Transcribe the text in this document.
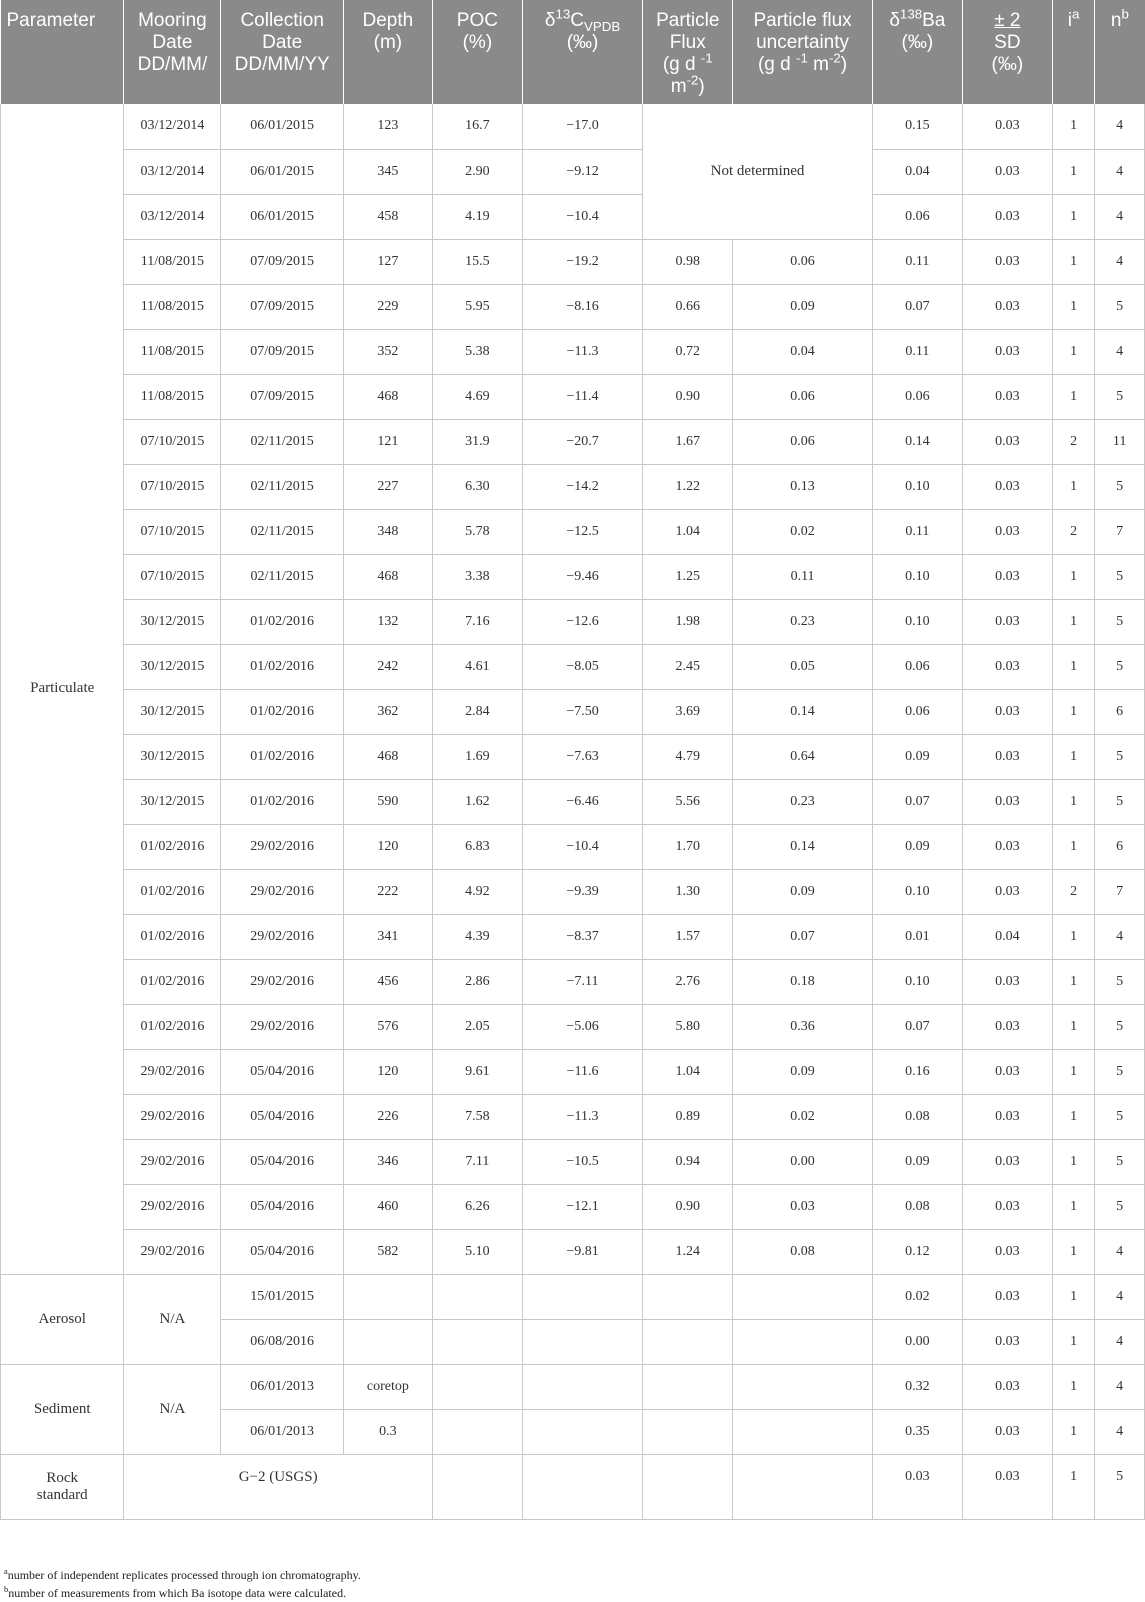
Parameter	Mooring
Date
DD/MM/	Collection
Date
DD/MM/YY	Depth
(m)	POC
(%)	$\delta^{13}C_{VPDB}$
(‰)	Particle
Flux
(g d $^{-1}$
$m^{-2}$)	Particle flux
uncertainty
(g d $^{-1}$ $m^{-2}$)	$\delta^{138}Ba$
(‰)	± 2
SD
(‰)	$i^a$	$n^b$

Particulate	03/12/2014	06/01/2015	123	16.7	−17.0	Not determined		0.15	0.03	1	4
	03/12/2014	06/01/2015	345	2.90	−9.12			0.04	0.03	1	4
	03/12/2014	06/01/2015	458	4.19	−10.4			0.06	0.03	1	4
	11/08/2015	07/09/2015	127	15.5	−19.2	0.98	0.06	0.11	0.03	1	4
	11/08/2015	07/09/2015	229	5.95	−8.16	0.66	0.09	0.07	0.03	1	5
	11/08/2015	07/09/2015	352	5.38	−11.3	0.72	0.04	0.11	0.03	1	4
	11/08/2015	07/09/2015	468	4.69	−11.4	0.90	0.06	0.06	0.03	1	5
	07/10/2015	02/11/2015	121	31.9	−20.7	1.67	0.06	0.14	0.03	2	11
	07/10/2015	02/11/2015	227	6.30	−14.2	1.22	0.13	0.10	0.03	1	5
	07/10/2015	02/11/2015	348	5.78	−12.5	1.04	0.02	0.11	0.03	2	7
	07/10/2015	02/11/2015	468	3.38	−9.46	1.25	0.11	0.10	0.03	1	5
	30/12/2015	01/02/2016	132	7.16	−12.6	1.98	0.23	0.10	0.03	1	5
	30/12/2015	01/02/2016	242	4.61	−8.05	2.45	0.05	0.06	0.03	1	5
	30/12/2015	01/02/2016	362	2.84	−7.50	3.69	0.14	0.06	0.03	1	6
	30/12/2015	01/02/2016	468	1.69	−7.63	4.79	0.64	0.09	0.03	1	5
	30/12/2015	01/02/2016	590	1.62	−6.46	5.56	0.23	0.07	0.03	1	5
	01/02/2016	29/02/2016	120	6.83	−10.4	1.70	0.14	0.09	0.03	1	6
	01/02/2016	29/02/2016	222	4.92	−9.39	1.30	0.09	0.10	0.03	2	7
	01/02/2016	29/02/2016	341	4.39	−8.37	1.57	0.07	0.01	0.04	1	4
	01/02/2016	29/02/2016	456	2.86	−7.11	2.76	0.18	0.10	0.03	1	5
	01/02/2016	29/02/2016	576	2.05	−5.06	5.80	0.36	0.07	0.03	1	5
	29/02/2016	05/04/2016	120	9.61	−11.6	1.04	0.09	0.16	0.03	1	5
	29/02/2016	05/04/2016	226	7.58	−11.3	0.89	0.02	0.08	0.03	1	5
	29/02/2016	05/04/2016	346	7.11	−10.5	0.94	0.00	0.09	0.03	1	5
	29/02/2016	05/04/2016	460	6.26	−12.1	0.90	0.03	0.08	0.03	1	5
	29/02/2016	05/04/2016	582	5.10	−9.81	1.24	0.08	0.12	0.03	1	4
Aerosol	N/A	15/01/2015						0.02	0.03	1	4
		06/08/2016						0.00	0.03	1	4
Sediment	N/A	06/01/2013	coretop					0.32	0.03	1	4
		06/01/2013	0.3					0.35	0.03	1	4

Rock
standard	G−2 (USGS)							0.03	0.03	1	5
$^a$number of independent replicates processed through ion chromatography.
$^b$number of measurements from which Ba isotope data were calculated.
